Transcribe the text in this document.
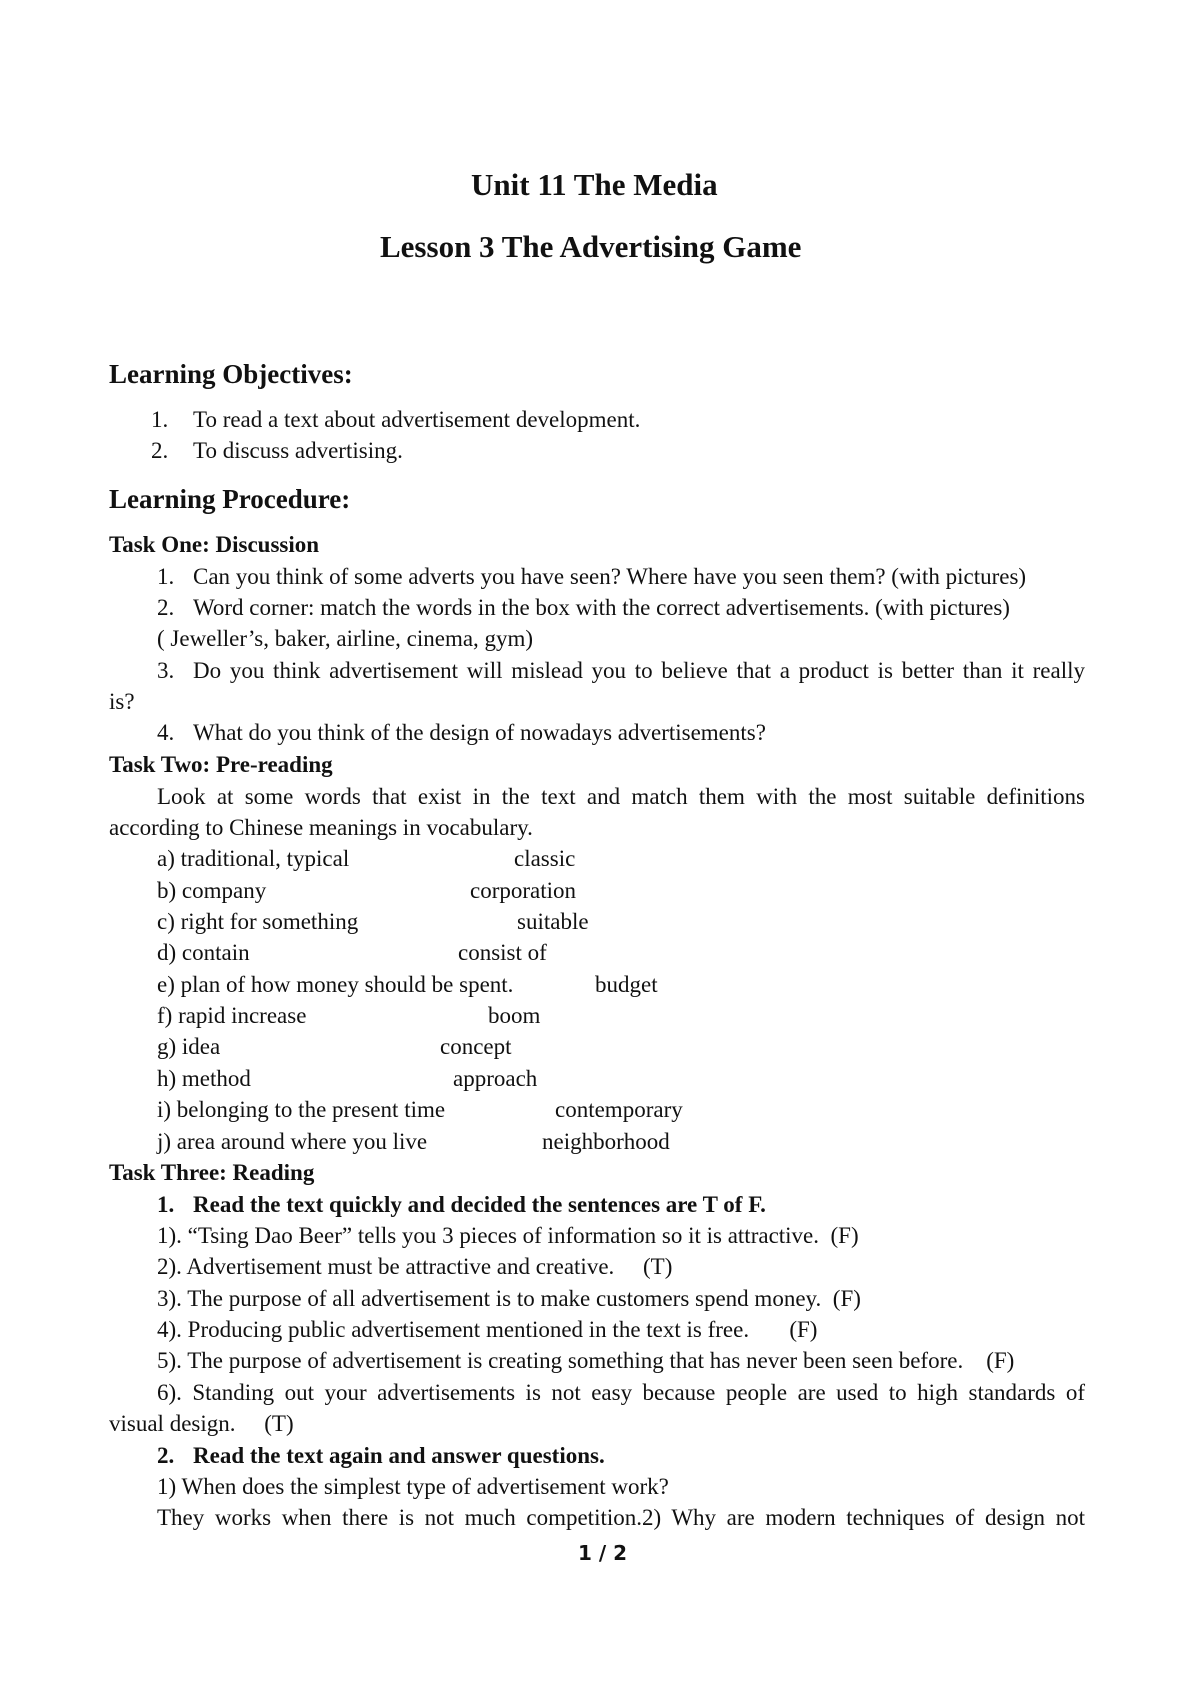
Unit 11 The Media
Lesson 3 The Advertising Game
Learning Objectives:
1. To read a text about advertisement development.
2. To discuss advertising.
Learning Procedure:
Task One: Discussion
1. Can you think of some adverts you have seen? Where have you seen them? (with pictures)
2. Word corner: match the words in the box with the correct advertisements. (with pictures)
( Jeweller’s, baker, airline, cinema, gym)
3. Do you think advertisement will mislead you to believe that a product is better than it really
is?
4. What do you think of the design of nowadays advertisements?
Task Two: Pre-reading
Look at some words that exist in the text and match them with the most suitable definitions
according to Chinese meanings in vocabulary.
a) traditional, typical	classic
b) company	corporation
c) right for something	suitable
d) contain	consist of
e) plan of how money should be spent.	budget
f) rapid increase	boom
g) idea	concept
h) method	approach
i) belonging to the present time	contemporary
j) area around where you live	neighborhood
Task Three: Reading
1. Read the text quickly and decided the sentences are T of F.
1). “Tsing Dao Beer” tells you 3 pieces of information so it is attractive.  (F)
2). Advertisement must be attractive and creative.     (T)
3). The purpose of all advertisement is to make customers spend money.  (F)
4). Producing public advertisement mentioned in the text is free.       (F)
5). The purpose of advertisement is creating something that has never been seen before.    (F)
6). Standing out your advertisements is not easy because people are used to high standards of
visual design.     (T)
2. Read the text again and answer questions.
1) When does the simplest type of advertisement work?
They works when there is not much competition.2) Why are modern techniques of design not
1 / 2
